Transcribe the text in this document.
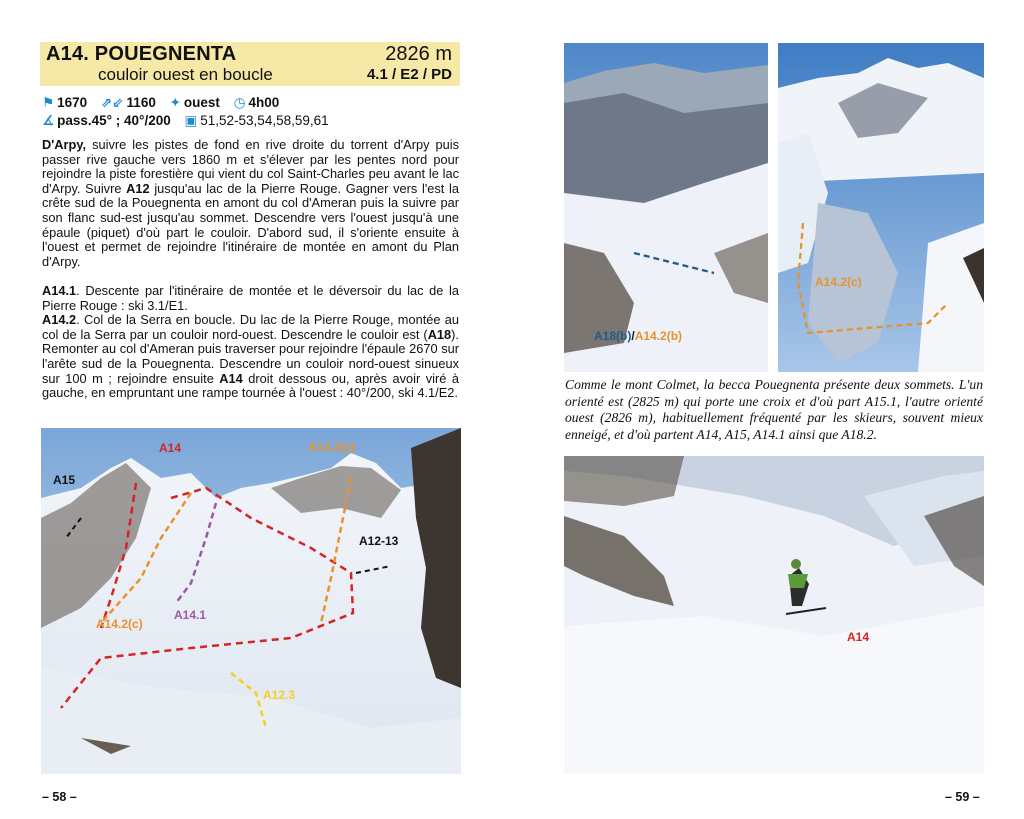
A14. POUEGNENTA	2826 m
couloir ouest en boucle	4.1 / E2 / PD
⚑ 1670 ⇗⇙ 1160 ✦ ouest ◷ 4h00
∡ pass.45° ; 40°/200 ▣ 51,52-53,54,58,59,61
D'Arpy, suivre les pistes de fond en rive droite du torrent d'Arpy puis passer rive gauche vers 1860 m et s'élever par les pentes nord pour rejoindre la piste forestière qui vient du col Saint-Charles peu avant le lac d'Arpy. Suivre A12 jusqu'au lac de la Pierre Rouge. Gagner vers l'est la crête sud de la Pouegnenta en amont du col d'Ameran puis la suivre par son flanc sud-est jusqu'au sommet. Descendre vers l'ouest jusqu'à une épaule (piquet) d'où part le couloir. D'abord sud, il s'oriente ensuite à l'ouest et permet de rejoindre l'itinéraire de montée en amont du Plan d'Arpy.
A14.1. Descente par l'itinéraire de montée et le déversoir du lac de la Pierre Rouge : ski 3.1/E1.
A14.2. Col de la Serra en boucle. Du lac de la Pierre Rouge, montée au col de la Serra par un couloir nord-ouest. Descendre le couloir est (A18). Remonter au col d'Ameran puis traverser pour rejoindre l'épaule 2670 sur l'arête sud de la Pouegnenta. Descendre un couloir nord-ouest sinueux sur 100 m ; rejoindre ensuite A14 droit dessous ou, après avoir viré à gauche, en empruntant une rampe tournée à l'ouest : 40°/200, ski 4.1/E2.
A15
A14	A14.2(a)
A12-13
A14.1
A14.2(c)
A12.3
– 58 –
A18(b)/A14.2(b)
A14.2(c)
Comme le mont Colmet, la becca Pouegnenta présente deux sommets. L'un orienté est (2825 m) qui porte une croix et d'où part A15.1, l'autre orienté ouest (2826 m), habituellement fréquenté par les skieurs, souvent mieux enneigé, et d'où partent A14, A15, A14.1 ainsi que A18.2.
A14
– 59 –
